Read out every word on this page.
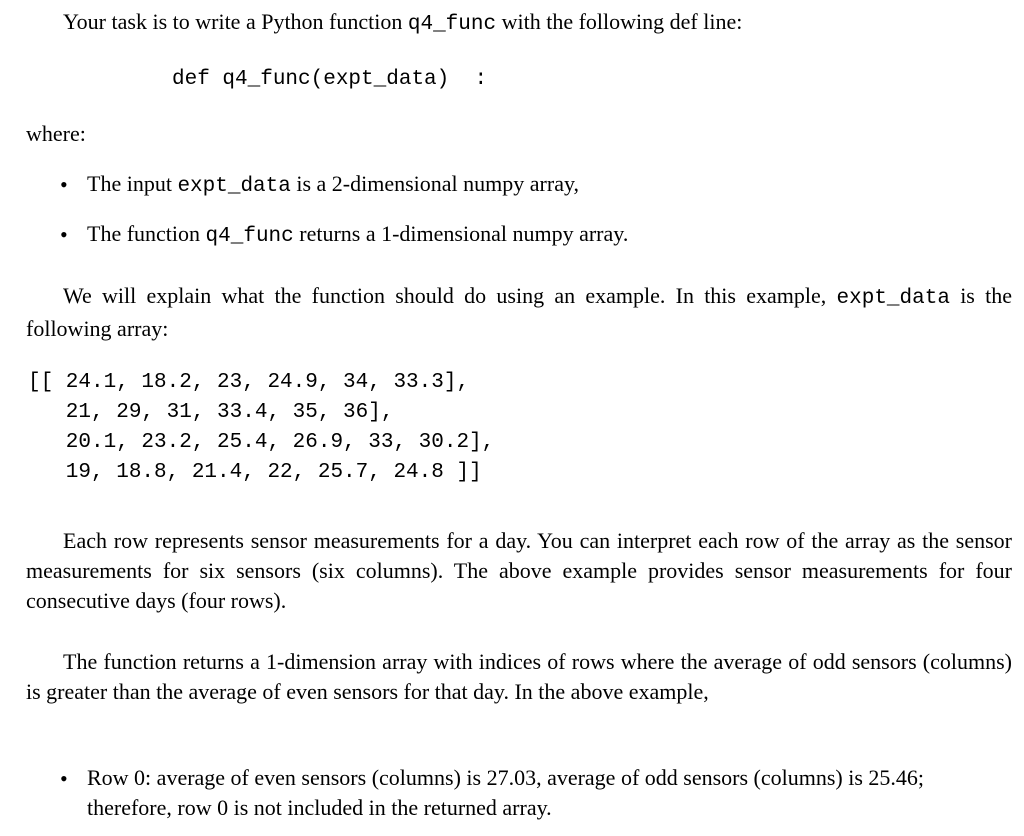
Your task is to write a Python function q4_func with the following def line:
def q4_func(expt_data)  :
where:
• The input expt_data is a 2-dimensional numpy array,
• The function q4_func returns a 1-dimensional numpy array.
We will explain what the function should do using an example. In this example, expt_data is the following array:
[[ 24.1, 18.2, 23, 24.9, 34, 33.3],
21, 29, 31, 33.4, 35, 36],
20.1, 23.2, 25.4, 26.9, 33, 30.2],
19, 18.8, 21.4, 22, 25.7, 24.8 ]]
Each row represents sensor measurements for a day. You can interpret each row of the array as the sensor measurements for six sensors (six columns). The above example provides sensor measurements for four consecutive days (four rows).
The function returns a 1-dimension array with indices of rows where the average of odd sensors (columns) is greater than the average of even sensors for that day. In the above example,
• Row 0: average of even sensors (columns) is 27.03, average of odd sensors (columns) is 25.46; therefore, row 0 is not included in the returned array.
